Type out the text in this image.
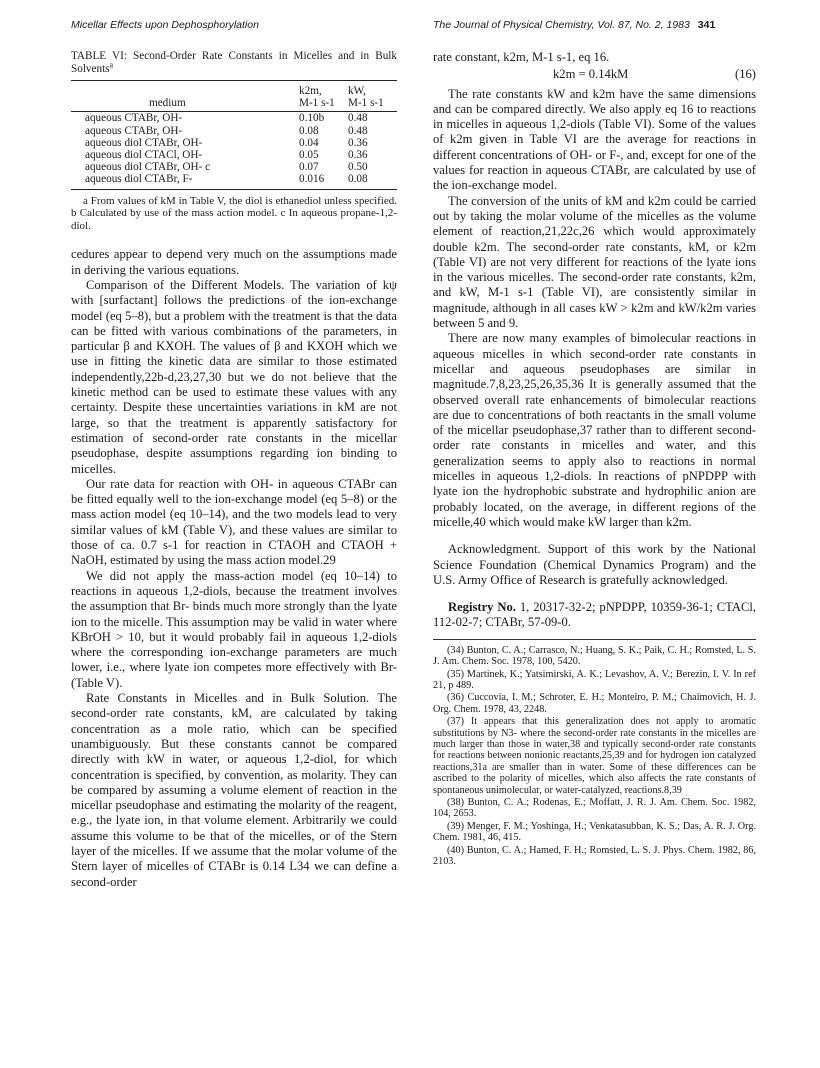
Micellar Effects upon Dephosphorylation	The Journal of Physical Chemistry, Vol. 87, No. 2, 1983 341
TABLE VI: Second-Order Rate Constants in Micelles and in Bulk Solvents$^a$
	k2m,	kW,
medium	M-1 s-1	M-1 s-1
aqueous CTABr, OH-	0.10b	0.48
aqueous CTABr, OH-	0.08	0.48
aqueous diol CTABr, OH-	0.04	0.36
aqueous diol CTACl, OH-	0.05	0.36
aqueous diol CTABr, OH- c	0.07	0.50
aqueous diol CTABr, F-	0.016	0.08
a From values of kM in Table V, the diol is ethanediol unless specified. b Calculated by use of the mass action model. c In aqueous propane-1,2-diol.

cedures appear to depend very much on the assumptions made in deriving the various equations.

Comparison of the Different Models. The variation of kψ with [surfactant] follows the predictions of the ion-exchange model (eq 5–8), but a problem with the treatment is that the data can be fitted with various combinations of the parameters, in particular β and KXOH. The values of β and KXOH which we use in fitting the kinetic data are similar to those estimated independently,22b-d,23,27,30 but we do not believe that the kinetic method can be used to estimate these values with any certainty. Despite these uncertainties variations in kM are not large, so that the treatment is apparently satisfactory for estimation of second-order rate constants in the micellar pseudophase, despite assumptions regarding ion binding to micelles.

Our rate data for reaction with OH- in aqueous CTABr can be fitted equally well to the ion-exchange model (eq 5–8) or the mass action model (eq 10–14), and the two models lead to very similar values of kM (Table V), and these values are similar to those of ca. 0.7 s-1 for reaction in CTAOH and CTAOH + NaOH, estimated by using the mass action model.29

We did not apply the mass-action model (eq 10–14) to reactions in aqueous 1,2-diols, because the treatment involves the assumption that Br- binds much more strongly than the lyate ion to the micelle. This assumption may be valid in water where KBrOH > 10, but it would probably fail in aqueous 1,2-diols where the corresponding ion-exchange parameters are much lower, i.e., where lyate ion competes more effectively with Br- (Table V).

Rate Constants in Micelles and in Bulk Solution. The second-order rate constants, kM, are calculated by taking concentration as a mole ratio, which can be specified unambiguously. But these constants cannot be compared directly with kW in water, or aqueous 1,2-diol, for which concentration is specified, by convention, as molarity. They can be compared by assuming a volume element of reaction in the micellar pseudophase and estimating the molarity of the reagent, e.g., the lyate ion, in that volume element. Arbitrarily we could assume this volume to be that of the micelles, or of the Stern layer of the micelles. If we assume that the molar volume of the Stern layer of micelles of CTABr is 0.14 L34 we can define a second-order

rate constant, k2m, M-1 s-1, eq 16.

k2m = 0.14kM	(16)

The rate constants kW and k2m have the same dimensions and can be compared directly. We also apply eq 16 to reactions in micelles in aqueous 1,2-diols (Table VI). Some of the values of k2m given in Table VI are the average for reactions in different concentrations of OH- or F-, and, except for one of the values for reaction in aqueous CTABr, are calculated by use of the ion-exchange model.

The conversion of the units of kM and k2m could be carried out by taking the molar volume of the micelles as the volume element of reaction,21,22c,26 which would approximately double k2m. The second-order rate constants, kM, or k2m (Table VI) are not very different for reactions of the lyate ions in the various micelles. The second-order rate constants, k2m, and kW, M-1 s-1 (Table VI), are consistently similar in magnitude, although in all cases kW > k2m and kW/k2m varies between 5 and 9.

There are now many examples of bimolecular reactions in aqueous micelles in which second-order rate constants in micellar and aqueous pseudophases are similar in magnitude.7,8,23,25,26,35,36 It is generally assumed that the observed overall rate enhancements of bimolecular reactions are due to concentrations of both reactants in the small volume of the micellar pseudophase,37 rather than to different second-order rate constants in micelles and water, and this generalization seems to apply also to reactions in normal micelles in aqueous 1,2-diols. In reactions of pNPDPP with lyate ion the hydrophobic substrate and hydrophilic anion are probably located, on the average, in different regions of the micelle,40 which would make kW larger than k2m.

Acknowledgment. Support of this work by the National Science Foundation (Chemical Dynamics Program) and the U.S. Army Office of Research is gratefully acknowledged.

Registry No. 1, 20317-32-2; pNPDPP, 10359-36-1; CTACl, 112-02-7; CTABr, 57-09-0.

(34) Bunton, C. A.; Carrasco, N.; Huang, S. K.; Paik, C. H.; Romsted, L. S. J. Am. Chem. Soc. 1978, 100, 5420.
(35) Martinek, K.; Yatsimirski, A. K.; Levashov, A. V.; Berezin, I. V. In ref 21, p 489.
(36) Cuccovia, I. M.; Schroter, E. H.; Monteiro, P. M.; Chaimovich, H. J. Org. Chem. 1978, 43, 2248.
(37) It appears that this generalization does not apply to aromatic substitutions by N3- where the second-order rate constants in the micelles are much larger than those in water,38 and typically second-order rate constants for reactions between nonionic reactants,25,39 and for hydrogen ion catalyzed reactions,31a are smaller than in water. Some of these differences can be ascribed to the polarity of micelles, which also affects the rate constants of spontaneous unimolecular, or water-catalyzed, reactions.8,39
(38) Bunton, C. A.; Rodenas, E.; Moffatt, J. R. J. Am. Chem. Soc. 1982, 104, 2653.
(39) Menger, F. M.; Yoshinga, H.; Venkatasubban, K. S.; Das, A. R. J. Org. Chem. 1981, 46, 415.
(40) Bunton, C. A.; Hamed, F. H.; Romsted, L. S. J. Phys. Chem. 1982, 86, 2103.
